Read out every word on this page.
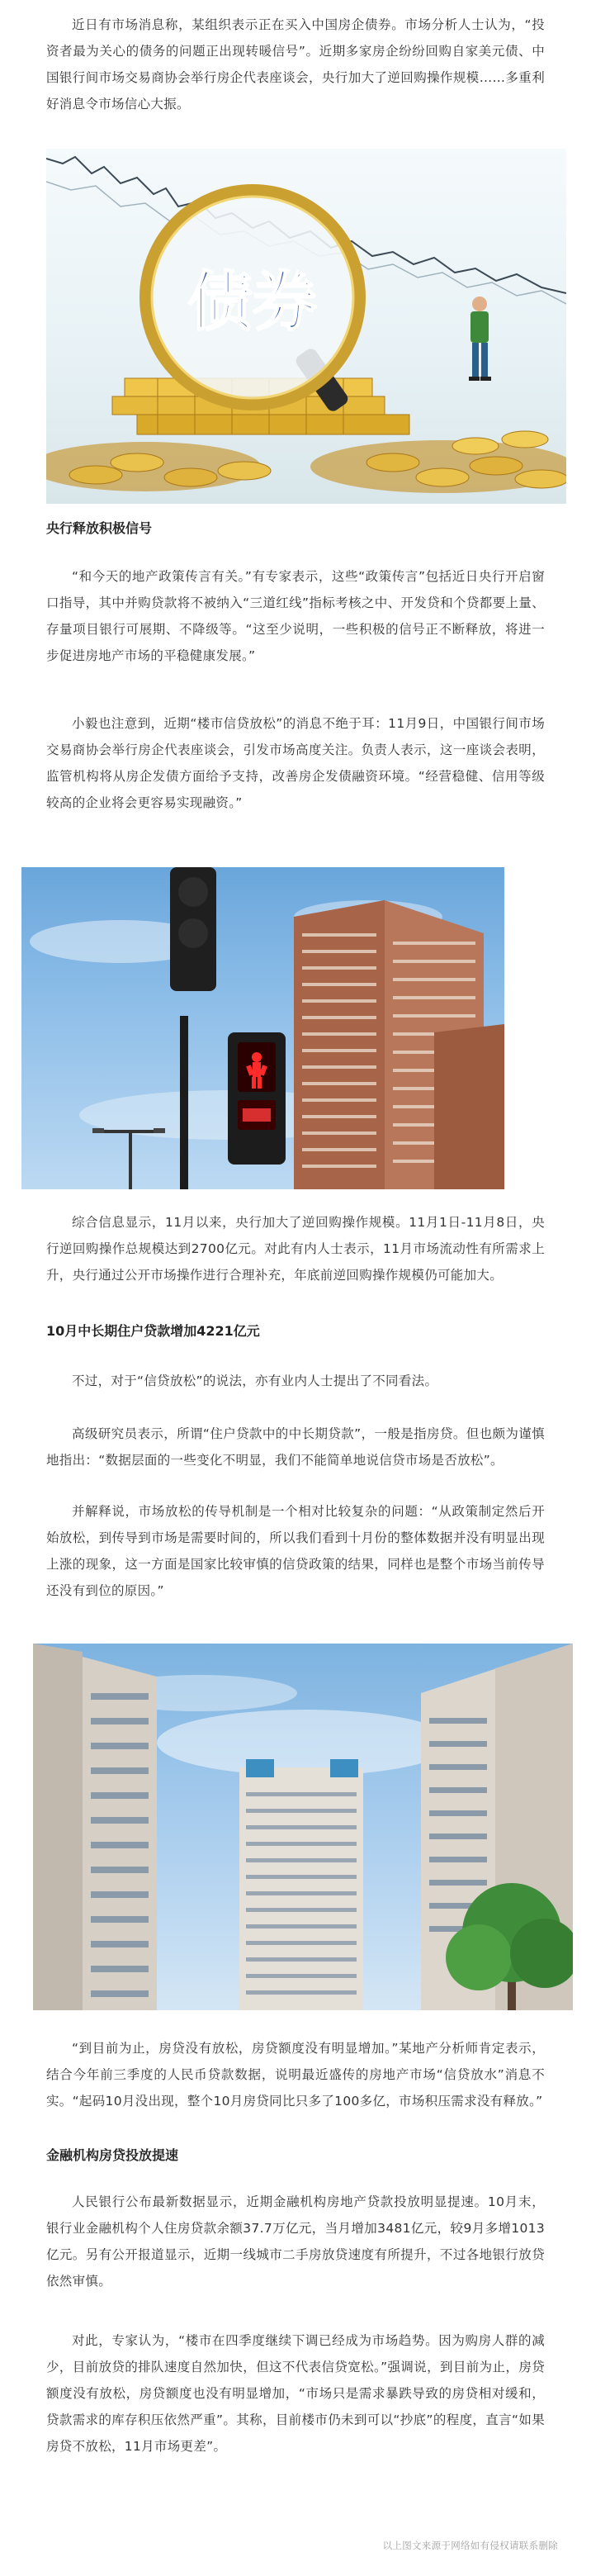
近日有市场消息称，某组织表示正在买入中国房企债券。市场分析人士认为，“投资者最为关心的债务的问题正出现转暖信号”。近期多家房企纷纷回购自家美元债、中国银行间市场交易商协会举行房企代表座谈会，央行加大了逆回购操作规模……多重利好消息令市场信心大振。

债券
央行释放积极信号

“和今天的地产政策传言有关。”有专家表示，这些“政策传言”包括近日央行开启窗口指导，其中并购贷款将不被纳入“三道红线”指标考核之中、开发贷和个贷都要上量、存量项目银行可展期、不降级等。“这至少说明，一些积极的信号正不断释放，将进一步促进房地产市场的平稳健康发展。”

小毅也注意到，近期“楼市信贷放松”的消息不绝于耳：11月9日，中国银行间市场交易商协会举行房企代表座谈会，引发市场高度关注。负责人表示，这一座谈会表明，监管机构将从房企发债方面给予支持，改善房企发债融资环境。“经营稳健、信用等级较高的企业将会更容易实现融资。”

综合信息显示，11月以来，央行加大了逆回购操作规模。11月1日-11月8日，央行逆回购操作总规模达到2700亿元。对此有内人士表示，11月市场流动性有所需求上升，央行通过公开市场操作进行合理补充，年底前逆回购操作规模仍可能加大。

10月中长期住户贷款增加4221亿元

不过，对于“信贷放松”的说法，亦有业内人士提出了不同看法。

高级研究员表示，所谓“住户贷款中的中长期贷款”，一般是指房贷。但也颇为谨慎地指出：“数据层面的一些变化不明显，我们不能简单地说信贷市场是否放松”。

并解释说，市场放松的传导机制是一个相对比较复杂的问题：“从政策制定然后开始放松，到传导到市场是需要时间的，所以我们看到十月份的整体数据并没有明显出现上涨的现象，这一方面是国家比较审慎的信贷政策的结果，同样也是整个市场当前传导还没有到位的原因。”

“到目前为止，房贷没有放松，房贷额度没有明显增加。”某地产分析师肯定表示，结合今年前三季度的人民币贷款数据，说明最近盛传的房地产市场“信贷放水”消息不实。“起码10月没出现，整个10月房贷同比只多了100多亿，市场积压需求没有释放。”

金融机构房贷投放提速

人民银行公布最新数据显示，近期金融机构房地产贷款投放明显提速。10月末，银行业金融机构个人住房贷款余额37.7万亿元，当月增加3481亿元，较9月多增1013亿元。另有公开报道显示，近期一线城市二手房放贷速度有所提升，不过各地银行放贷依然审慎。

对此，专家认为，“楼市在四季度继续下调已经成为市场趋势。因为购房人群的减少，目前放贷的排队速度自然加快，但这不代表信贷宽松。”强调说，到目前为止，房贷额度没有放松，房贷额度也没有明显增加，“市场只是需求暴跌导致的房贷相对缓和，贷款需求的库存积压依然严重”。其称，目前楼市仍未到可以“抄底”的程度，直言“如果房贷不放松，11月市场更差”。

以上图文来源于网络如有侵权请联系删除
